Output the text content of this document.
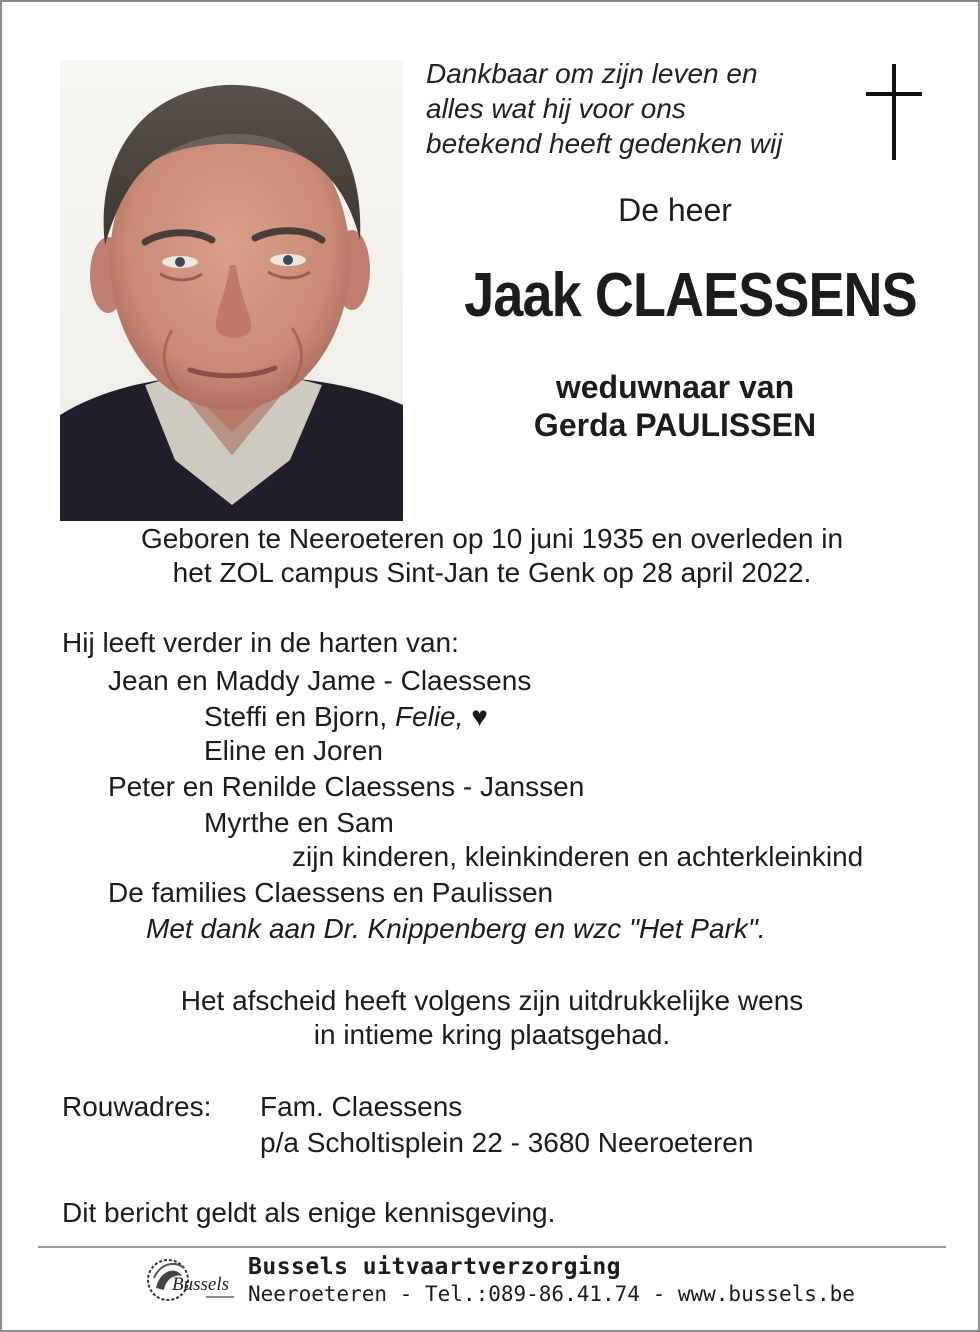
Dankbaar om zijn leven en
alles wat hij voor ons
betekend heeft gedenken wij
De heer
Jaak CLAESSENS
weduwnaar van
Gerda PAULISSEN
Geboren te Neeroeteren op 10 juni 1935 en overleden in
het ZOL campus Sint-Jan te Genk op 28 april 2022.
Hij leeft verder in de harten van:
Jean en Maddy Jame - Claessens
Steffi en Bjorn, Felie, ♥
Eline en Joren
Peter en Renilde Claessens - Janssen
Myrthe en Sam
zijn kinderen, kleinkinderen en achterkleinkind
De families Claessens en Paulissen
Met dank aan Dr. Knippenberg en wzc "Het Park".
Het afscheid heeft volgens zijn uitdrukkelijke wens
in intieme kring plaatsgehad.
Rouwadres: Fam. Claessens
p/a Scholtisplein 22 - 3680 Neeroeteren
Dit bericht geldt als enige kennisgeving.
Bussels
Bussels uitvaartverzorging
Neeroeteren - Tel.:089-86.41.74 - www.bussels.be
